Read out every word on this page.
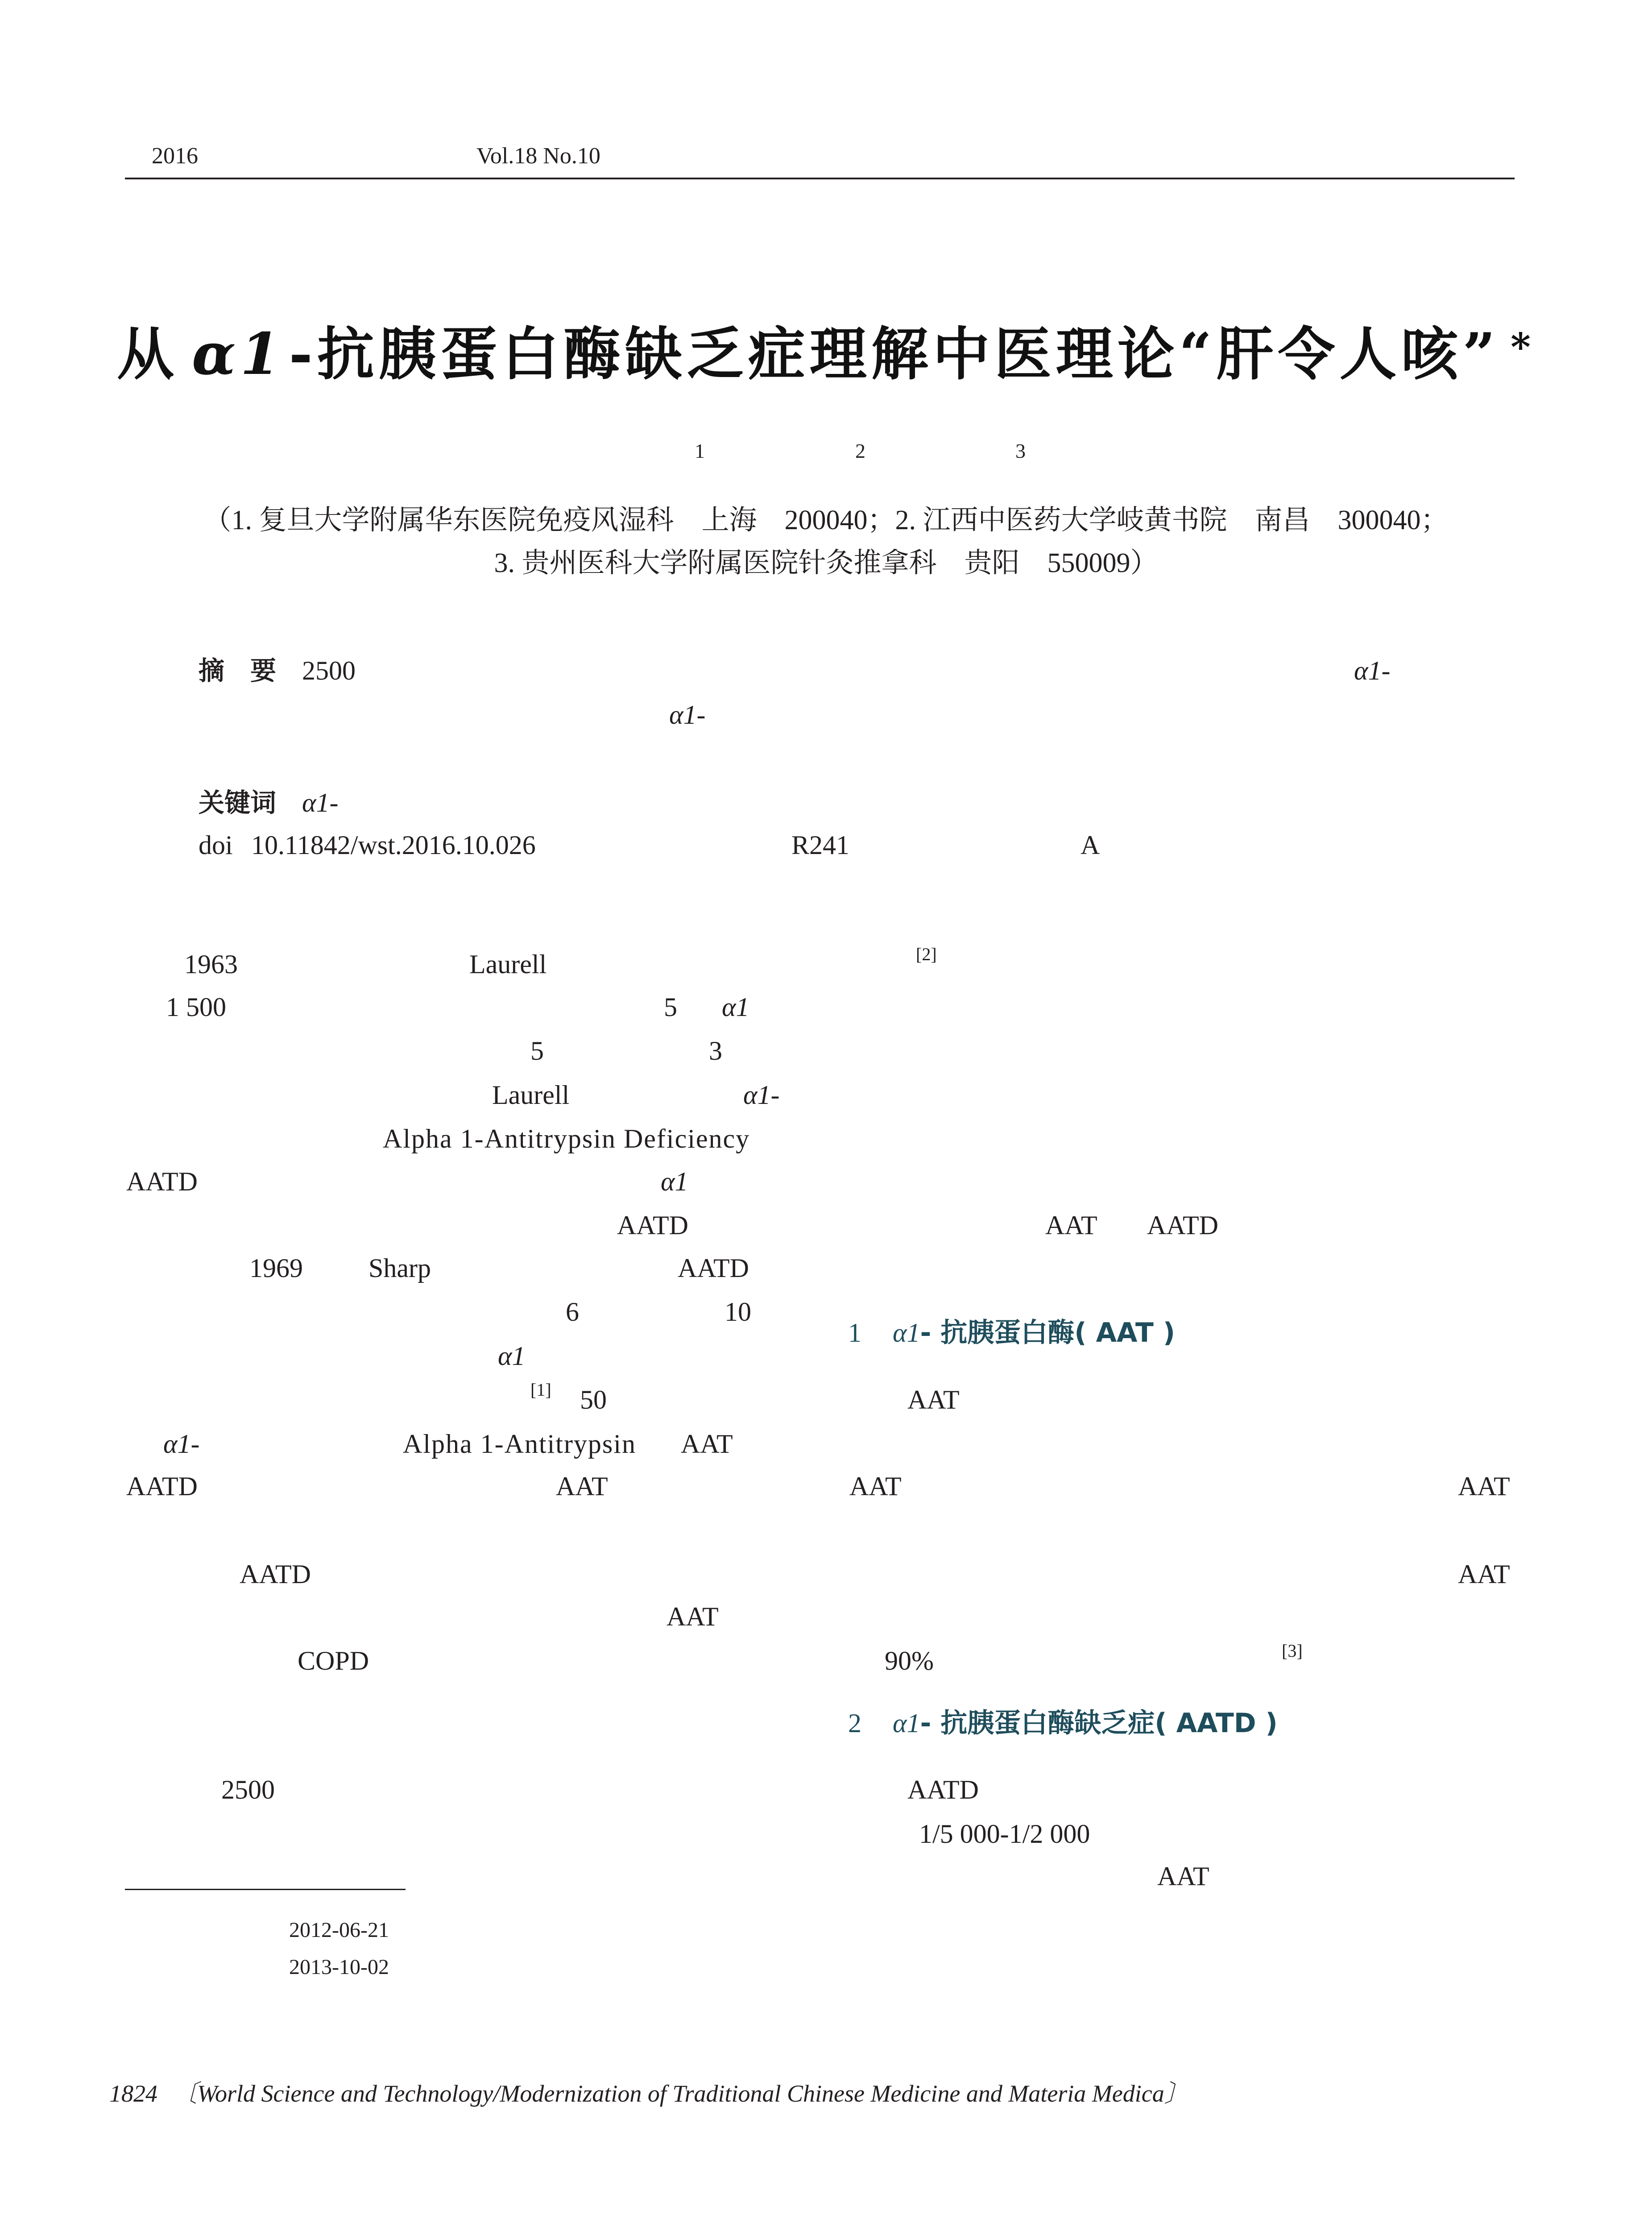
2016	Vol.18 No.10
从 α1-抗胰蛋白酶缺乏症理解中医理论“肝令人咳” *
1	2	3
（1. 复旦大学附属华东医院免疫风湿科　上海　200040；2. 江西中医药大学岐黄书院　南昌　300040；
3. 贵州医科大学附属医院针灸推拿科　贵阳　550009）
摘　要 2500	α1-
α1-
关键词 α1-
doi 10.11842/wst.2016.10.026	R241	A
1963	Laurell
1 500	5 α1
5	3
Laurell	α1-
Alpha 1-Antitrypsin Deficiency
AATD	α1
AATD
1969 Sharp	AATD
6	10
α1
[1] 50
α1-	Alpha 1-Antitrypsin AAT
AATD	AAT
AATD
AAT
COPD
2500
[2]
AAT AATD
1 α1- 抗胰蛋白酶( AAT )
AAT
AAT	AAT
AAT
90%	[3]
2 α1- 抗胰蛋白酶缺乏症( AATD )
AATD
1/5 000-1/2 000
AAT
2012-06-21
2013-10-02
1824 〔World Science and Technology/Modernization of Traditional Chinese Medicine and Materia Medica〕
